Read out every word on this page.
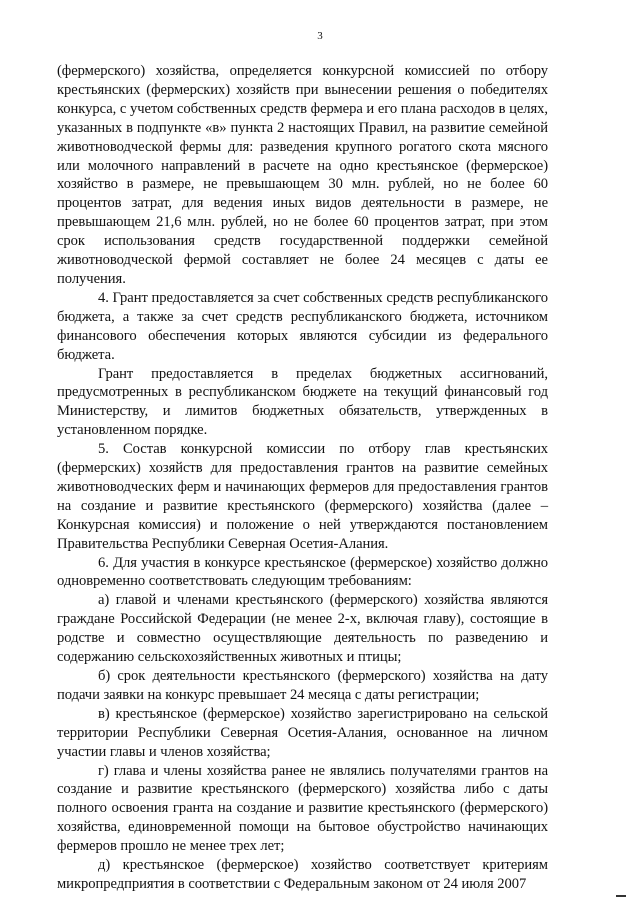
3

(фермерского) хозяйства, определяется конкурсной комиссией по отбору крестьянских (фермерских) хозяйств при вынесении решения о победителях конкурса, с учетом собственных средств фермера и его плана расходов в целях, указанных в подпункте «в» пункта 2 настоящих Правил, на развитие семейной животноводческой фермы для: разведения крупного рогатого скота мясного или молочного направлений в расчете на одно крестьянское (фермерское) хозяйство в размере, не превышающем 30 млн. рублей, но не более 60 процентов затрат, для ведения иных видов деятельности в размере, не превышающем 21,6 млн. рублей, но не более 60 процентов затрат, при этом срок использования средств государственной поддержки семейной животноводческой фермой составляет не более 24 месяцев с даты ее получения.

4. Грант предоставляется за счет собственных средств республиканского бюджета, а также за счет средств республиканского бюджета, источником финансового обеспечения которых являются субсидии из федерального бюджета.

Грант предоставляется в пределах бюджетных ассигнований, предусмотренных в республиканском бюджете на текущий финансовый год Министерству, и лимитов бюджетных обязательств, утвержденных в установленном порядке.

5. Состав конкурсной комиссии по отбору глав крестьянских (фермерских) хозяйств для предоставления грантов на развитие семейных животноводческих ферм и начинающих фермеров для предоставления грантов на создание и развитие крестьянского (фермерского) хозяйства (далее – Конкурсная комиссия) и положение о ней утверждаются постановлением Правительства Республики Северная Осетия-Алания.

6. Для участия в конкурсе крестьянское (фермерское) хозяйство должно одновременно соответствовать следующим требованиям:

а) главой и членами крестьянского (фермерского) хозяйства являются граждане Российской Федерации (не менее 2-х, включая главу), состоящие в родстве и совместно осуществляющие деятельность по разведению и содержанию сельскохозяйственных животных и птицы;

б) срок деятельности крестьянского (фермерского) хозяйства на дату подачи заявки на конкурс превышает 24 месяца с даты регистрации;

в) крестьянское (фермерское) хозяйство зарегистрировано на сельской территории Республики Северная Осетия-Алания, основанное на личном участии главы и членов хозяйства;

г) глава и члены хозяйства ранее не являлись получателями грантов на создание и развитие крестьянского (фермерского) хозяйства либо с даты полного освоения гранта на создание и развитие крестьянского (фермерского) хозяйства, единовременной помощи на бытовое обустройство начинающих фермеров прошло не менее трех лет;

д) крестьянское (фермерское) хозяйство соответствует критериям микропредприятия в соответствии с Федеральным законом от 24 июля 2007
